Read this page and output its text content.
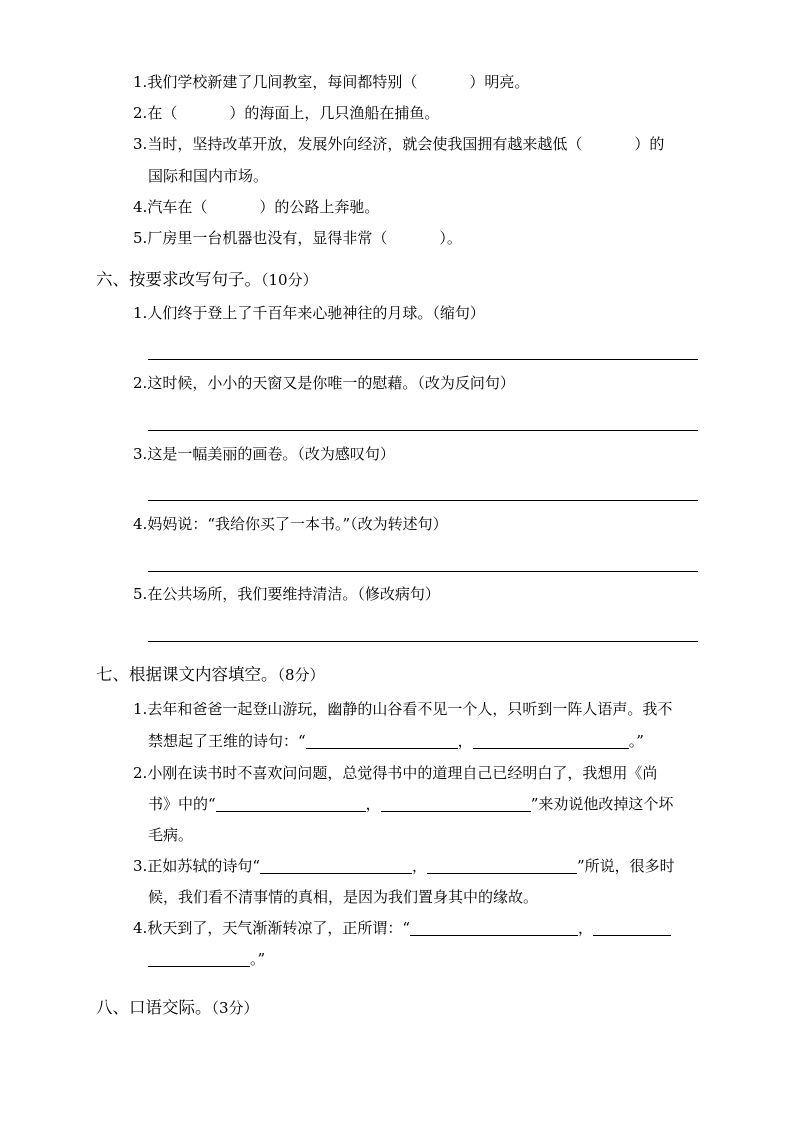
1.我们学校新建了几间教室，每间都特别（	）明亮。
2.在（	）的海面上，几只渔船在捕鱼。
3.当时，坚持改革开放，发展外向经济，就会使我国拥有越来越低（	）的
国际和国内市场。
4.汽车在（	）的公路上奔驰。
5.厂房里一台机器也没有，显得非常（	）。
六、按要求改写句子。（10分）
1.人们终于登上了千百年来心驰神往的月球。（缩句）
2.这时候，小小的天窗又是你唯一的慰藉。（改为反问句）
3.这是一幅美丽的画卷。（改为感叹句）
4.妈妈说：“我给你买了一本书。”（改为转述句）
5.在公共场所，我们要维持清洁。（修改病句）
七、根据课文内容填空。（8分）
1.去年和爸爸一起登山游玩，幽静的山谷看不见一个人，只听到一阵人语声。我不
禁想起了王维的诗句：“	，	。”
2.小刚在读书时不喜欢问问题，总觉得书中的道理自己已经明白了，我想用《尚
书》中的“	，	”来劝说他改掉这个坏
毛病。
3.正如苏轼的诗句“	，	”所说，很多时
候，我们看不清事情的真相，是因为我们置身其中的缘故。
4.秋天到了，天气渐渐转凉了，正所谓：“	，
。”
八、口语交际。（3分）
